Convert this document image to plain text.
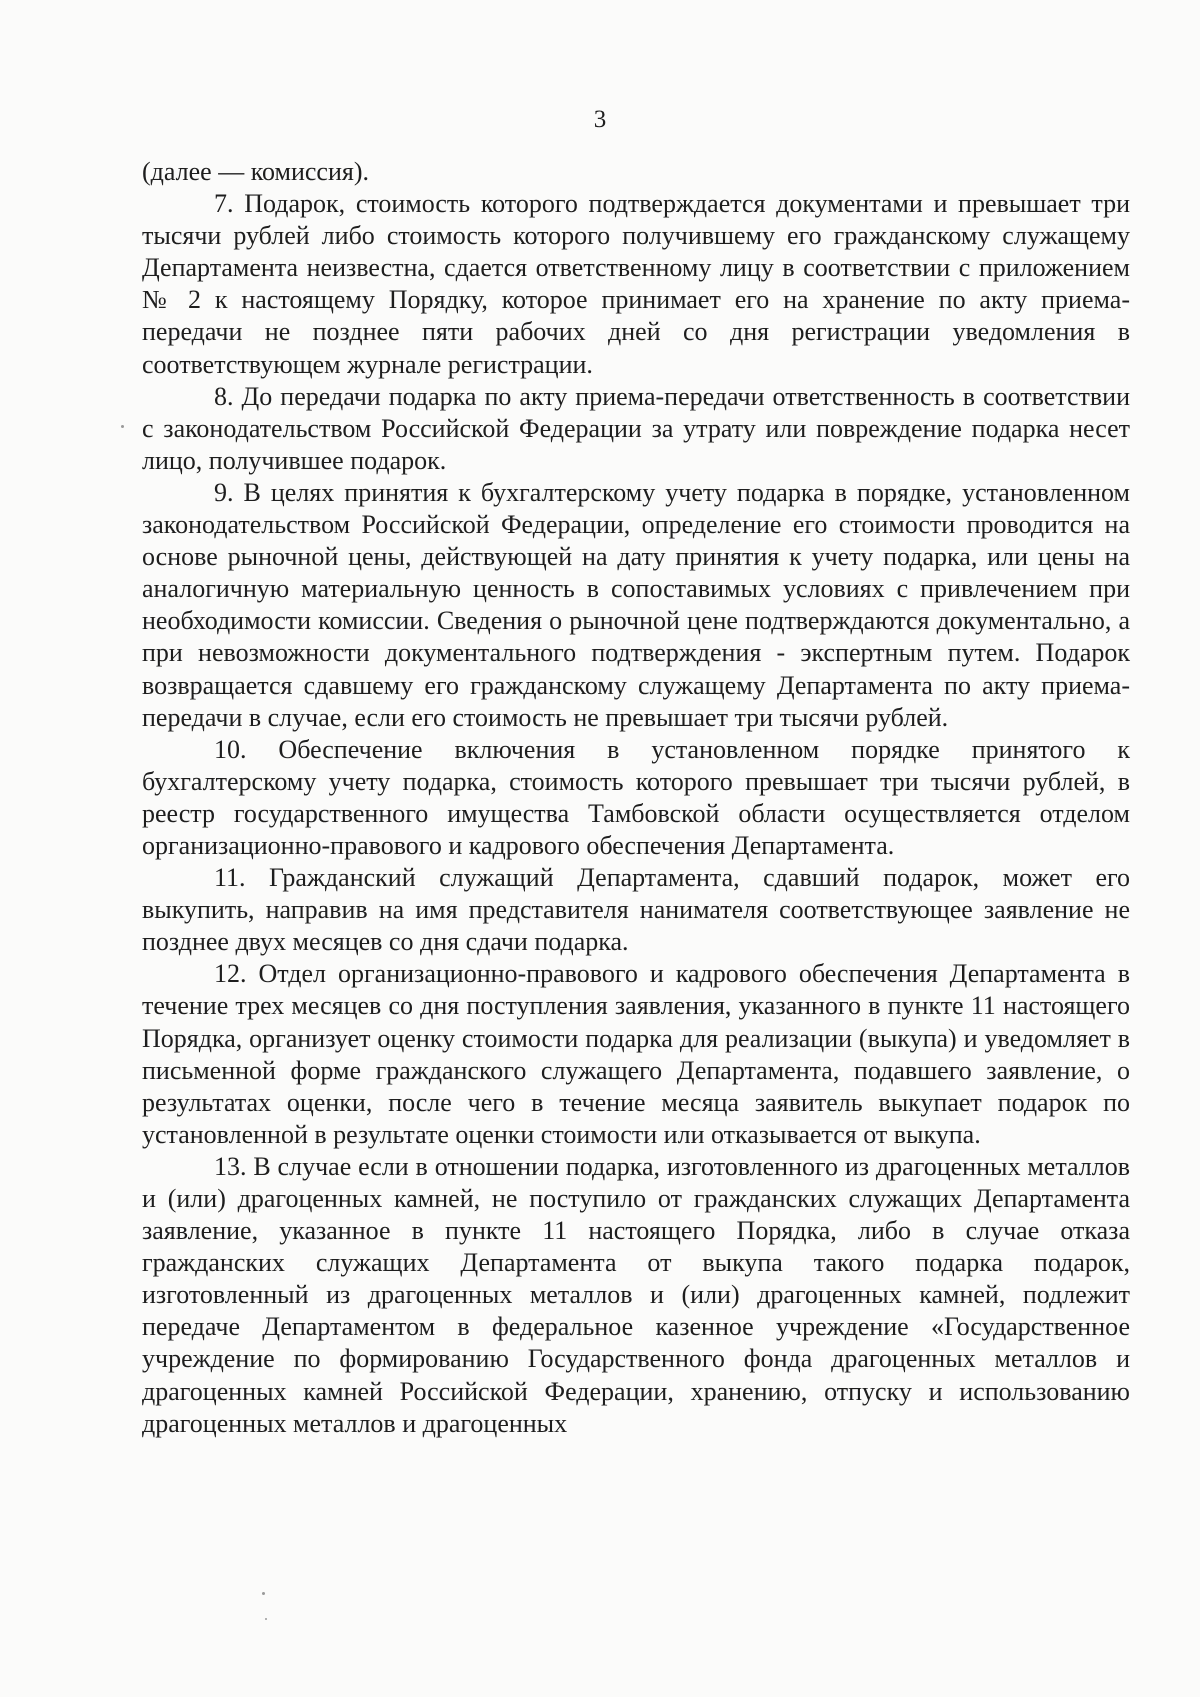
3

(далее — комиссия).

7. Подарок, стоимость которого подтверждается документами и превышает три тысячи рублей либо стоимость которого получившему его гражданскому служащему Департамента неизвестна, сдается ответственному лицу в соответствии с приложением № 2 к настоящему Порядку, которое принимает его на хранение по акту приема-передачи не позднее пяти рабочих дней со дня регистрации уведомления в соответствующем журнале регистрации.

8. До передачи подарка по акту приема-передачи ответственность в соответствии с законодательством Российской Федерации за утрату или повреждение подарка несет лицо, получившее подарок.

9. В целях принятия к бухгалтерскому учету подарка в порядке, установленном законодательством Российской Федерации, определение его стоимости проводится на основе рыночной цены, действующей на дату принятия к учету подарка, или цены на аналогичную материальную ценность в сопоставимых условиях с привлечением при необходимости комиссии. Сведения о рыночной цене подтверждаются документально, а при невозможности документального подтверждения - экспертным путем. Подарок возвращается сдавшему его гражданскому служащему Департамента по акту приема-передачи в случае, если его стоимость не превышает три тысячи рублей.

10. Обеспечение включения в установленном порядке принятого к бухгалтерскому учету подарка, стоимость которого превышает три тысячи рублей, в реестр государственного имущества Тамбовской области осуществляется отделом организационно-правового и кадрового обеспечения Департамента.

11. Гражданский служащий Департамента, сдавший подарок, может его выкупить, направив на имя представителя нанимателя соответствующее заявление не позднее двух месяцев со дня сдачи подарка.

12. Отдел организационно-правового и кадрового обеспечения Департамента в течение трех месяцев со дня поступления заявления, указанного в пункте 11 настоящего Порядка, организует оценку стоимости подарка для реализации (выкупа) и уведомляет в письменной форме гражданского служащего Департамента, подавшего заявление, о результатах оценки, после чего в течение месяца заявитель выкупает подарок по установленной в результате оценки стоимости или отказывается от выкупа.

13. В случае если в отношении подарка, изготовленного из драгоценных металлов и (или) драгоценных камней, не поступило от гражданских служащих Департамента заявление, указанное в пункте 11 настоящего Порядка, либо в случае отказа гражданских служащих Департамента от выкупа такого подарка подарок, изготовленный из драгоценных металлов и (или) драгоценных камней, подлежит передаче Департаментом в федеральное казенное учреждение «Государственное учреждение по формированию Государственного фонда драгоценных металлов и драгоценных камней Российской Федерации, хранению, отпуску и использованию драгоценных металлов и драгоценных
